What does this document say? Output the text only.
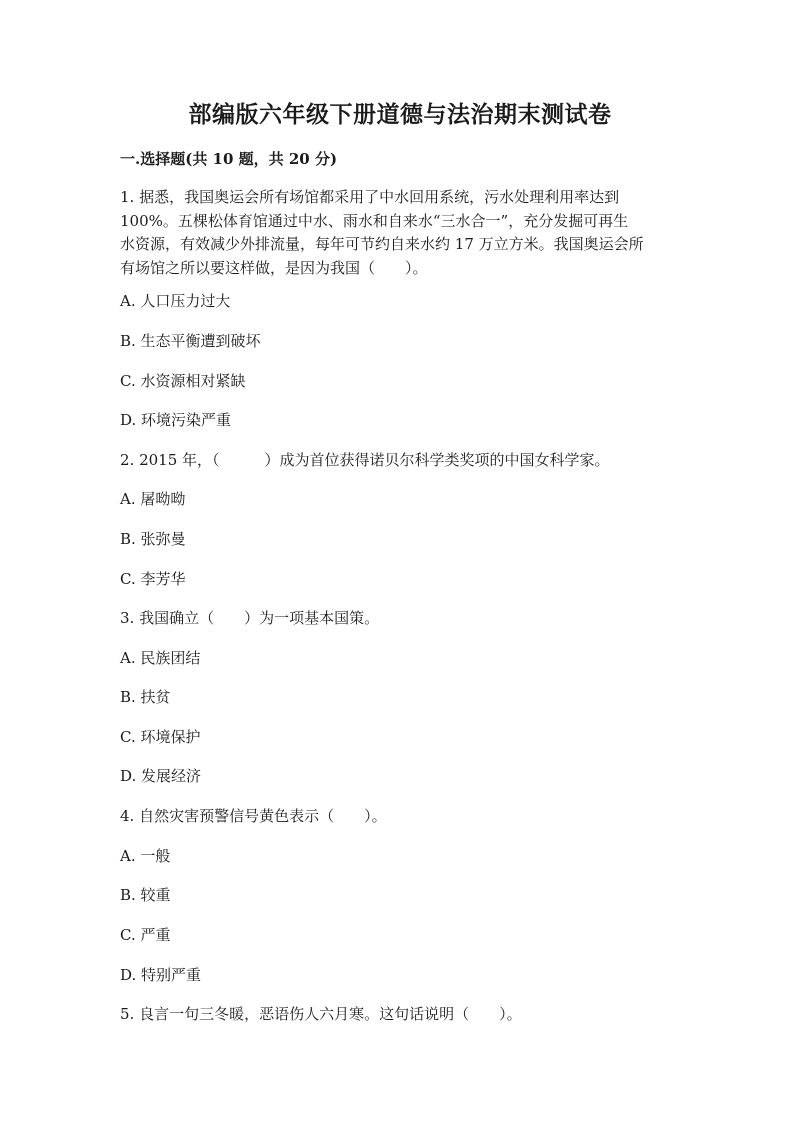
部编版六年级下册道德与法治期末测试卷
一.选择题(共 10 题，共 20 分)
1. 据悉，我国奥运会所有场馆都采用了中水回用系统，污水处理利用率达到
100%。五棵松体育馆通过中水、雨水和自来水“三水合一”，充分发掘可再生
水资源，有效减少外排流量，每年可节约自来水约 17 万立方米。我国奥运会所
有场馆之所以要这样做，是因为我国（　　）。
A. 人口压力过大
B. 生态平衡遭到破坏
C. 水资源相对紧缺
D. 环境污染严重
2. 2015 年，（　　　）成为首位获得诺贝尔科学类奖项的中国女科学家。
A. 屠呦呦
B. 张弥曼
C. 李芳华
3. 我国确立（　　）为一项基本国策。
A. 民族团结
B. 扶贫
C. 环境保护
D. 发展经济
4. 自然灾害预警信号黄色表示（　　）。
A. 一般
B. 较重
C. 严重
D. 特别严重
5. 良言一句三冬暖，恶语伤人六月寒。这句话说明（　　）。
